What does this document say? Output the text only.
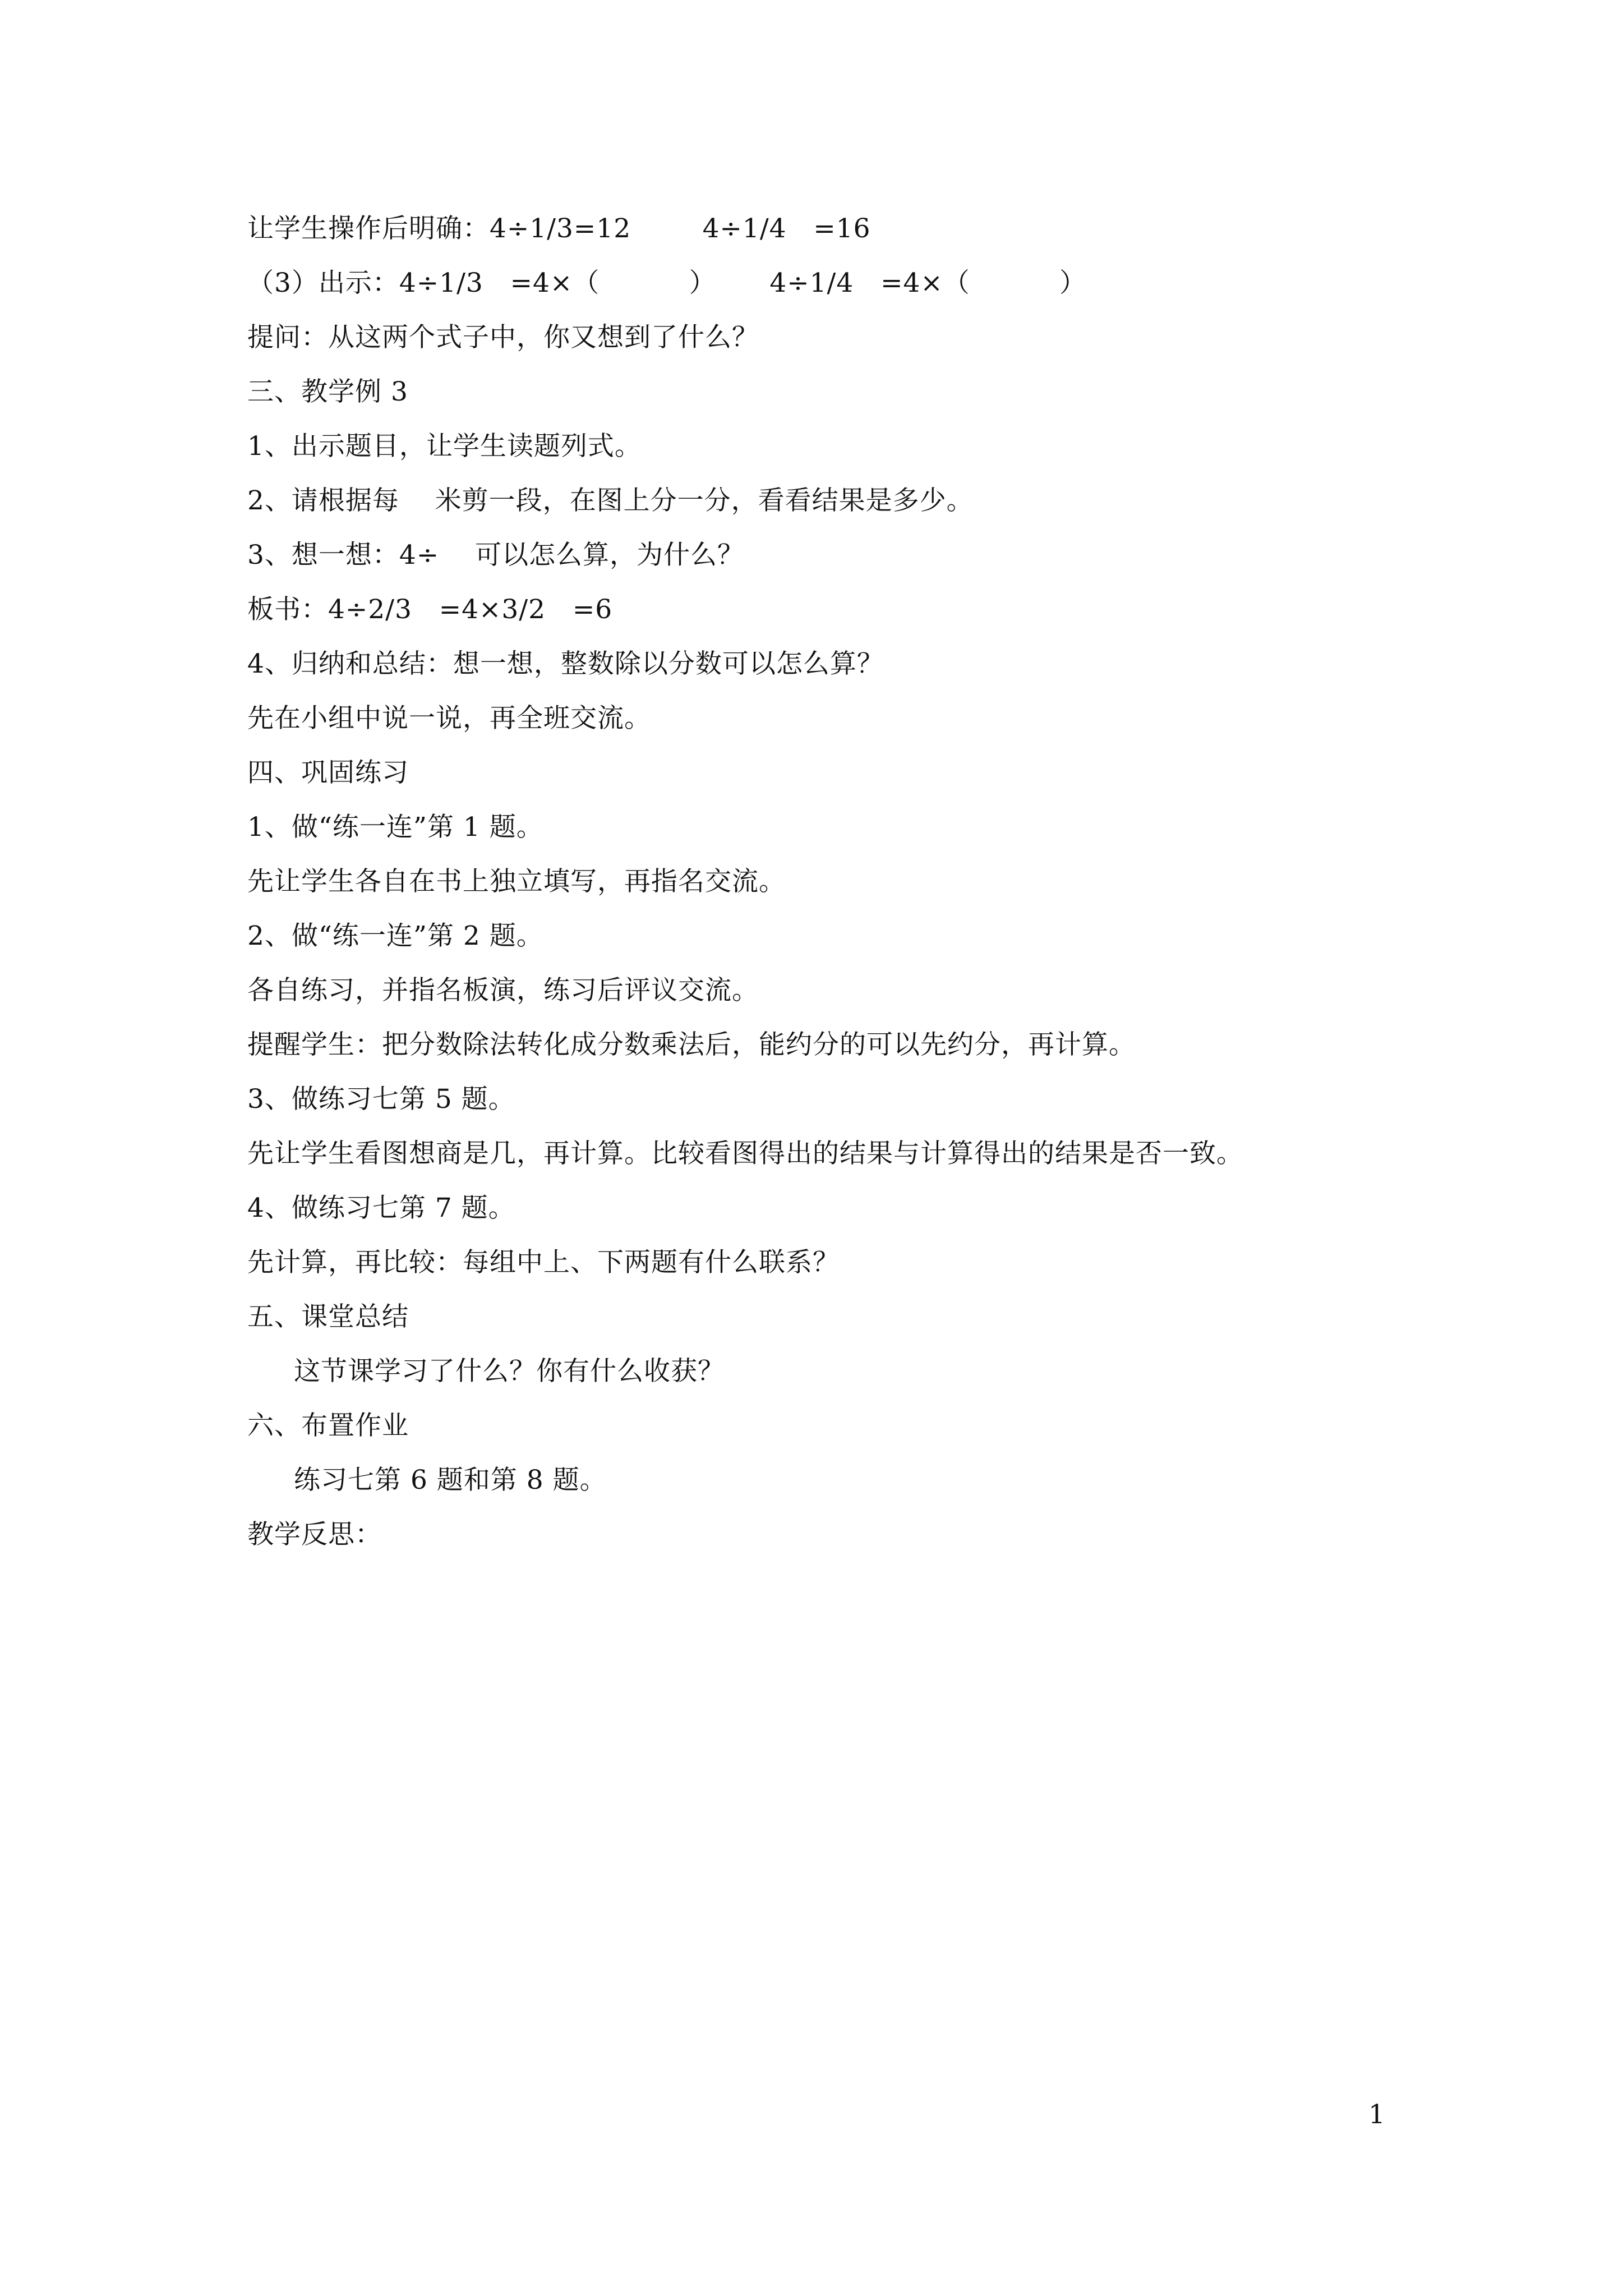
让学生操作后明确：4÷1/3=12        4÷1/4   =16
（3）出示：4÷1/3   =4×（          ）      4÷1/4   =4×（          ）
提问：从这两个式子中，你又想到了什么？
三、教学例 3
1、出示题目，让学生读题列式。
2、请根据每    米剪一段，在图上分一分，看看结果是多少。
3、想一想：4÷    可以怎么算，为什么？
板书：4÷2/3   =4×3/2   =6
4、归纳和总结：想一想，整数除以分数可以怎么算？
先在小组中说一说，再全班交流。
四、巩固练习
1、做“练一连”第 1 题。
先让学生各自在书上独立填写，再指名交流。
2、做“练一连”第 2 题。
各自练习，并指名板演，练习后评议交流。
提醒学生：把分数除法转化成分数乘法后，能约分的可以先约分，再计算。
3、做练习七第 5 题。
先让学生看图想商是几，再计算。比较看图得出的结果与计算得出的结果是否一致。
4、做练习七第 7 题。
先计算，再比较：每组中上、下两题有什么联系？
五、课堂总结
这节课学习了什么？你有什么收获？
六、布置作业
练习七第 6 题和第 8 题。
教学反思：
1
